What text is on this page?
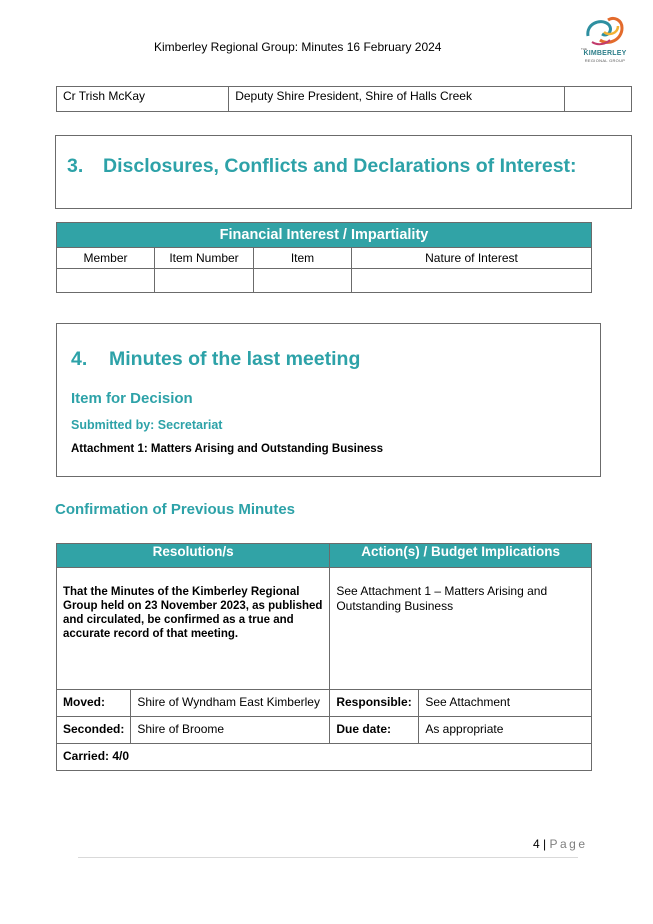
Kimberley Regional Group: Minutes 16 February 2024	THE
KIMBERLEY
REGIONAL GROUP
Cr Trish McKay	Deputy Shire President, Shire of Halls Creek	
3. Disclosures, Conflicts and Declarations of Interest:
Financial Interest / Impartiality			
Member	Item Number	Item	Nature of Interest

4. Minutes of the last meeting
Item for Decision
Submitted by: Secretariat
Attachment 1: Matters Arising and Outstanding Business
Confirmation of Previous Minutes
Resolution/s		Action(s) / Budget Implications	
That the Minutes of the Kimberley Regional Group held on 23 November 2023, as published and circulated, be confirmed as a true and accurate record of that meeting.		See Attachment 1 – Matters Arising and Outstanding Business	
Moved:	Shire of Wyndham East Kimberley	Responsible:	See Attachment
Seconded:	Shire of Broome	Due date:	As appropriate
Carried: 4/0			
4 | Page
